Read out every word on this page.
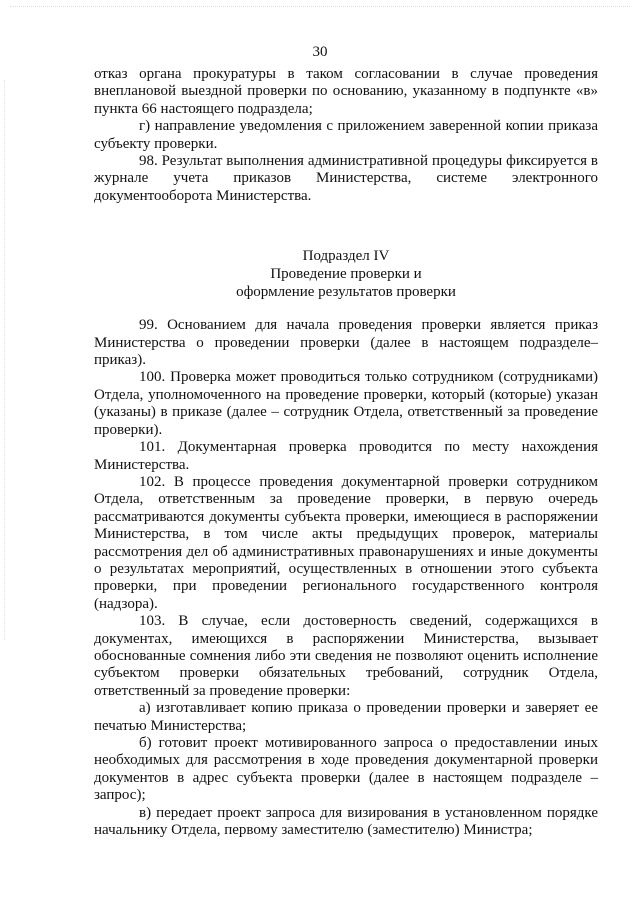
30

отказ органа прокуратуры в таком согласовании в случае проведения внеплановой выездной проверки по основанию, указанному в подпункте «в» пункта 66 настоящего подраздела;

г) направление уведомления с приложением заверенной копии приказа субъекту проверки.

98. Результат выполнения административной процедуры фиксируется в журнале учета приказов Министерства, системе электронного документооборота Министерства.

Подраздел IV
Проведение проверки и
оформление результатов проверки

99. Основанием для начала проведения проверки является приказ Министерства о проведении проверки (далее в настоящем подразделе– приказ).

100. Проверка может проводиться только сотрудником (сотрудниками) Отдела, уполномоченного на проведение проверки, который (которые) указан (указаны) в приказе (далее – сотрудник Отдела, ответственный за проведение проверки).

101. Документарная проверка проводится по месту нахождения Министерства.

102. В процессе проведения документарной проверки сотрудником Отдела, ответственным за проведение проверки, в первую очередь рассматриваются документы субъекта проверки, имеющиеся в распоряжении Министерства, в том числе акты предыдущих проверок, материалы рассмотрения дел об административных правонарушениях и иные документы о результатах мероприятий, осуществленных в отношении этого субъекта проверки, при проведении регионального государственного контроля (надзора).

103. В случае, если достоверность сведений, содержащихся в документах, имеющихся в распоряжении Министерства, вызывает обоснованные сомнения либо эти сведения не позволяют оценить исполнение субъектом проверки обязательных требований, сотрудник Отдела, ответственный за проведение проверки:

а) изготавливает копию приказа о проведении проверки и заверяет ее печатью Министерства;

б) готовит проект мотивированного запроса о предоставлении иных необходимых для рассмотрения в ходе проведения документарной проверки документов в адрес субъекта проверки (далее в настоящем подразделе – запрос);

в) передает проект запроса для визирования в установленном порядке начальнику Отдела, первому заместителю (заместителю) Министра;
